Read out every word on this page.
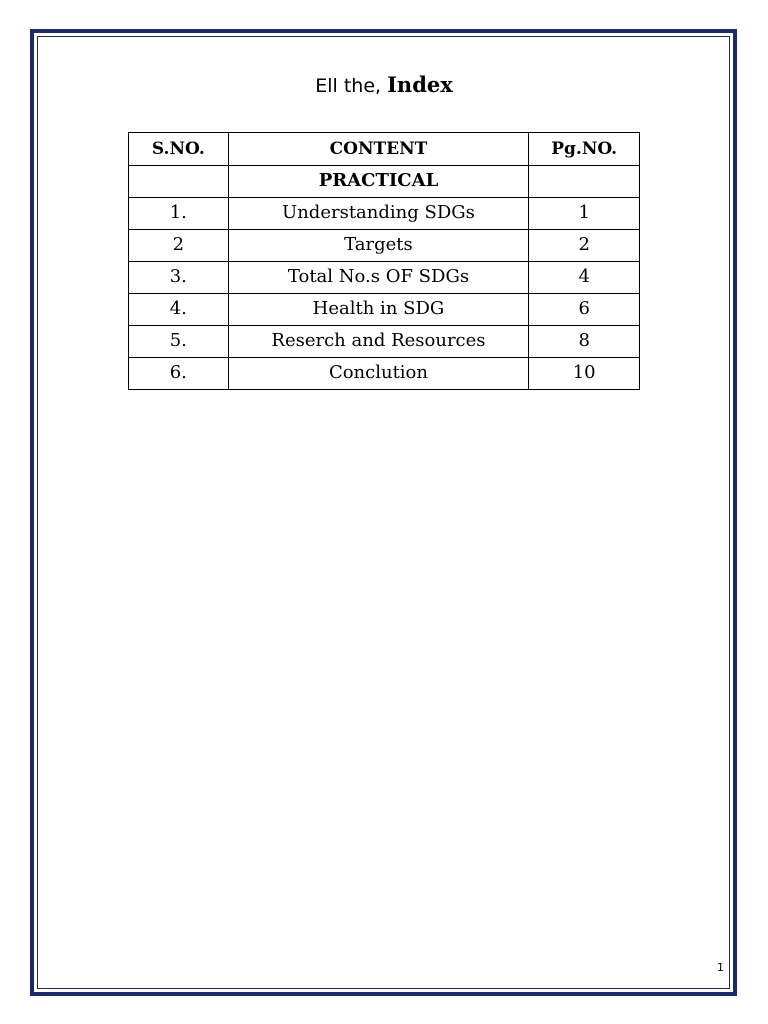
Ell the, Index
S.NO.	CONTENT	Pg.NO.
	PRACTICAL	
1.	Understanding SDGs	1
2	Targets	2
3.	Total No.s OF SDGs	4
4.	Health in SDG	6
5.	Reserch and Resources	8
6.	Conclution	10
1
